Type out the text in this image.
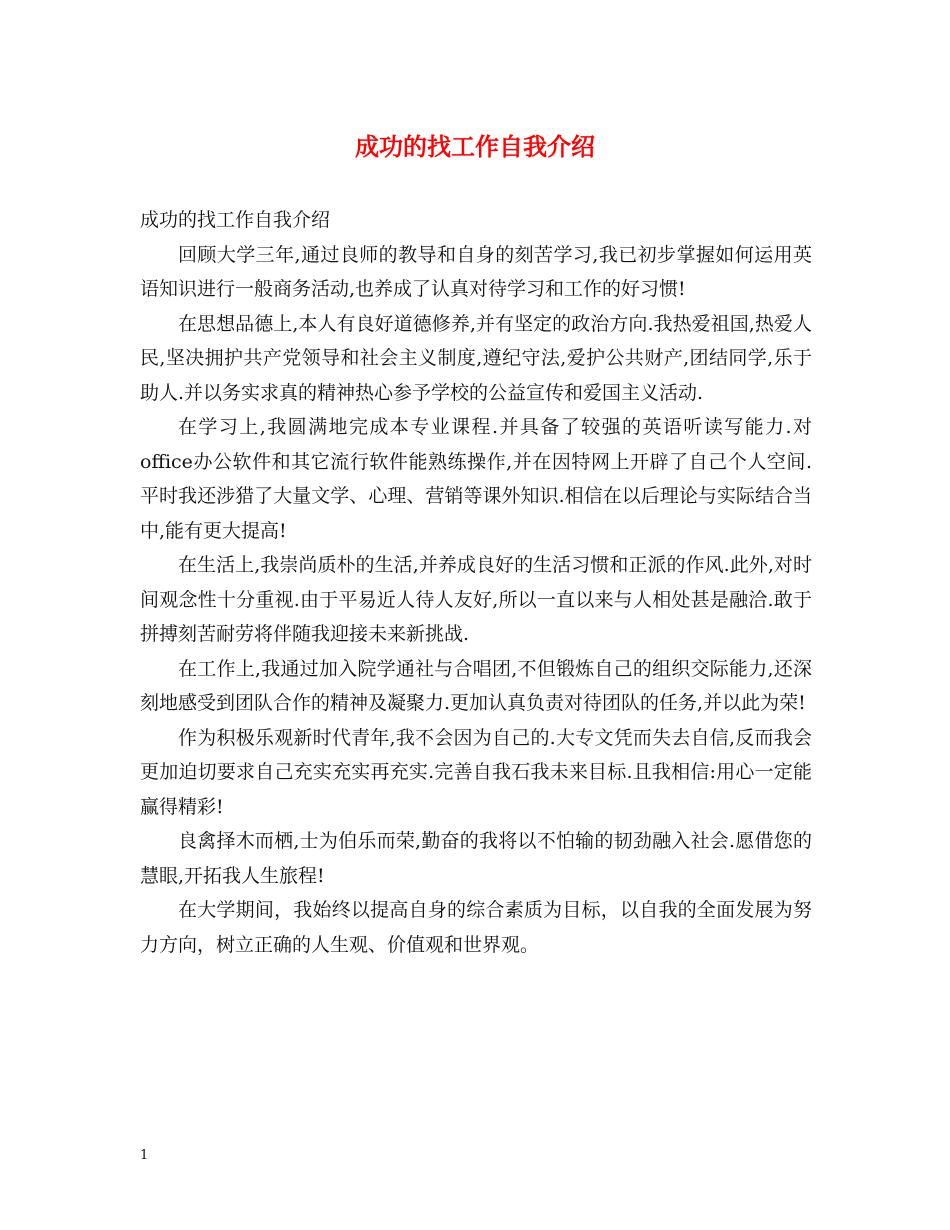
成功的找工作自我介绍

成功的找工作自我介绍

回顾大学三年,通过良师的教导和自身的刻苦学习,我已初步掌握如何运用英语知识进行一般商务活动,也养成了认真对待学习和工作的好习惯!

在思想品德上,本人有良好道德修养,并有坚定的政治方向.我热爱祖国,热爱人民,坚决拥护共产党领导和社会主义制度,遵纪守法,爱护公共财产,团结同学,乐于助人.并以务实求真的精神热心参予学校的公益宣传和爱国主义活动.

在学习上,我圆满地完成本专业课程.并具备了较强的英语听读写能力.对office办公软件和其它流行软件能熟练操作,并在因特网上开辟了自己个人空间.平时我还涉猎了大量文学、心理、营销等课外知识.相信在以后理论与实际结合当中,能有更大提高!

在生活上,我崇尚质朴的生活,并养成良好的生活习惯和正派的作风.此外,对时间观念性十分重视.由于平易近人待人友好,所以一直以来与人相处甚是融洽.敢于拼搏刻苦耐劳将伴随我迎接未来新挑战.

在工作上,我通过加入院学通社与合唱团,不但锻炼自己的组织交际能力,还深刻地感受到团队合作的精神及凝聚力.更加认真负责对待团队的任务,并以此为荣!

作为积极乐观新时代青年,我不会因为自己的.大专文凭而失去自信,反而我会更加迫切要求自己充实充实再充实.完善自我石我未来目标.且我相信:用心一定能赢得精彩!

良禽择木而栖,士为伯乐而荣,勤奋的我将以不怕输的韧劲融入社会.愿借您的慧眼,开拓我人生旅程!

在大学期间，我始终以提高自身的综合素质为目标，以自我的全面发展为努力方向，树立正确的人生观、价值观和世界观。

1
